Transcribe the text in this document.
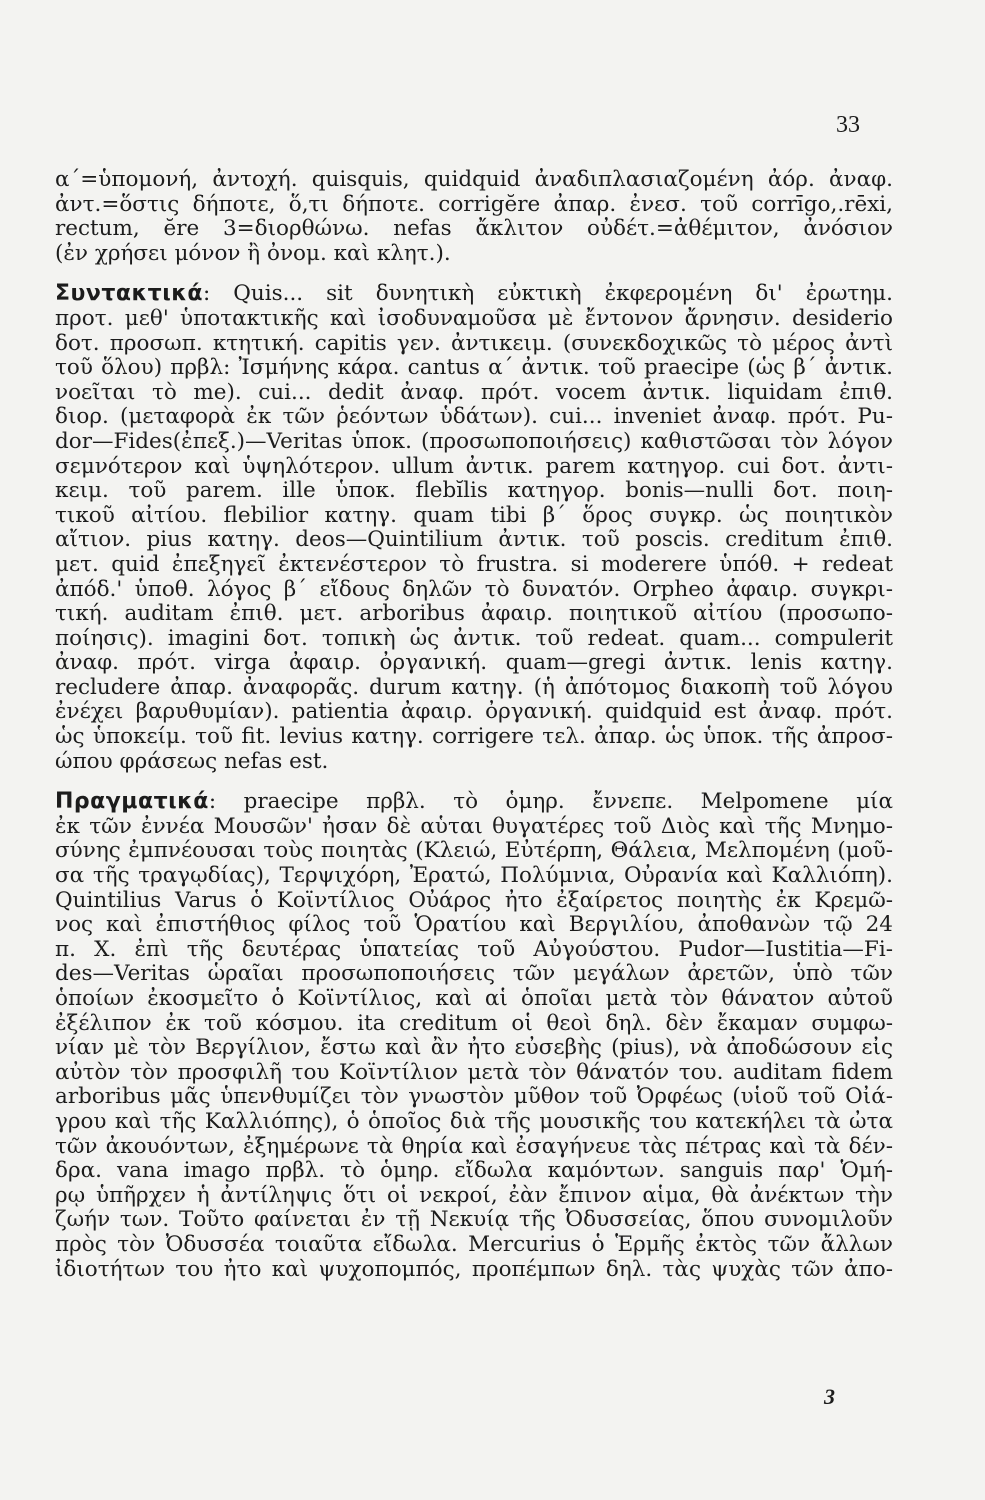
33
α΄=ὑπομονή, ἀντοχή. quisquis, quidquid ἀναδιπλασιαζομένη ἀόρ. ἀναφ.
ἀντ.=ὅστις δήποτε, ὅ,τι δήποτε. corrigĕre ἀπαρ. ἐνεσ. τοῦ corrīgo,.rēxi,
rectum, ĕre 3=διορθώνω. nefas ἄκλιτον οὐδέτ.=ἀθέμιτον, ἀνόσιον
(ἐν χρήσει μόνον ἢ ὀνομ. καὶ κλητ.).
Συντακτικά: Quis... sit δυνητικὴ εὐκτικὴ ἐκφερομένη δι' ἐρωτημ.
προτ. μεθ' ὑποτακτικῆς καὶ ἰσοδυναμοῦσα μὲ ἔντονον ἄρνησιν. desiderio
δοτ. προσωπ. κτητική. capitis γεν. ἀντικειμ. (συνεκδοχικῶς τὸ μέρος ἀντὶ
τοῦ ὅλου) πρβλ: Ἰσμήνης κάρα. cantus α΄ ἀντικ. τοῦ praecipe (ὡς β΄ ἀντικ.
νοεῖται τὸ me). cui... dedit ἀναφ. πρότ. vocem ἀντικ. liquidam ἐπιθ.
διορ. (μεταφορὰ ἐκ τῶν ῥεόντων ὑδάτων). cui... inveniet ἀναφ. πρότ. Pu-
dor—Fides(ἐπεξ.)—Veritas ὑποκ. (προσωποποιήσεις) καθιστῶσαι τὸν λόγον
σεμνότερον καὶ ὑψηλότερον. ullum ἀντικ. parem κατηγορ. cui δοτ. ἀντι-
κειμ. τοῦ parem. ille ὑποκ. flebĭlis κατηγορ. bonis—nulli δοτ. ποιη-
τικοῦ αἰτίου. flebilior κατηγ. quam tibi β΄ ὅρος συγκρ. ὡς ποιητικὸν
αἴτιον. pius κατηγ. deos—Quintilium ἀντικ. τοῦ poscis. creditum ἐπιθ.
μετ. quid ἐπεξηγεῖ ἐκτενέστερον τὸ frustra. si moderere ὑπόθ. + redeat
ἀπόδ.' ὑποθ. λόγος β΄ εἴδους δηλῶν τὸ δυνατόν. Orpheo ἀφαιρ. συγκρι-
τική. auditam ἐπιθ. μετ. arboribus ἀφαιρ. ποιητικοῦ αἰτίου (προσωπο-
ποίησις). imagini δοτ. τοπικὴ ὡς ἀντικ. τοῦ redeat. quam... compulerit
ἀναφ. πρότ. virga ἀφαιρ. ὀργανική. quam—gregi ἀντικ. lenis κατηγ.
recludere ἀπαρ. ἀναφορᾶς. durum κατηγ. (ἡ ἀπότομος διακοπὴ τοῦ λόγου
ἐνέχει βαρυθυμίαν). patientia ἀφαιρ. ὀργανική. quidquid est ἀναφ. πρότ.
ὡς ὑποκείμ. τοῦ fit. levius κατηγ. corrigere τελ. ἀπαρ. ὡς ὑποκ. τῆς ἀπροσ-
ώπου φράσεως nefas est.
Πραγματικά: praecipe πρβλ. τὸ ὁμηρ. ἔννεπε. Melpomene μία
ἐκ τῶν ἐννέα Μουσῶν' ἦσαν δὲ αὗται θυγατέρες τοῦ Διὸς καὶ τῆς Μνημο-
σύνης ἐμπνέουσαι τοὺς ποιητὰς (Κλειώ, Εὐτέρπη, Θάλεια, Μελπομένη (μοῦ-
σα τῆς τραγῳδίας), Τερψιχόρη, Ἐρατώ, Πολύμνια, Οὐρανία καὶ Καλλιόπη).
Quintilius Varus ὁ Κοϊντίλιος Οὐάρος ἦτο ἐξαίρετος ποιητὴς ἐκ Κρεμῶ-
νος καὶ ἐπιστήθιος φίλος τοῦ Ὁρατίου καὶ Βεργιλίου, ἀποθανὼν τῷ 24
π. Χ. ἐπὶ τῆς δευτέρας ὑπατείας τοῦ Αὐγούστου. Pudor—Iustitia—Fi-
des—Veritas ὡραῖαι προσωποποιήσεις τῶν μεγάλων ἀρετῶν, ὑπὸ τῶν
ὁποίων ἐκοσμεῖτο ὁ Κοϊντίλιος, καὶ αἱ ὁποῖαι μετὰ τὸν θάνατον αὐτοῦ
ἐξέλιπον ἐκ τοῦ κόσμου. ita creditum οἱ θεοὶ δηλ. δὲν ἔκαμαν συμφω-
νίαν μὲ τὸν Βεργίλιον, ἔστω καὶ ἂν ἦτο εὐσεβὴς (pius), νὰ ἀποδώσουν εἰς
αὐτὸν τὸν προσφιλῆ του Κοϊντίλιον μετὰ τὸν θάνατόν του. auditam fidem
arboribus μᾶς ὑπενθυμίζει τὸν γνωστὸν μῦθον τοῦ Ὀρφέως (υἱοῦ τοῦ Οἰά-
γρου καὶ τῆς Καλλιόπης), ὁ ὁποῖος διὰ τῆς μουσικῆς του κατεκήλει τὰ ὦτα
τῶν ἀκουόντων, ἐξημέρωνε τὰ θηρία καὶ ἐσαγήνευε τὰς πέτρας καὶ τὰ δέν-
δρα. vana imago πρβλ. τὸ ὁμηρ. εἴδωλα καμόντων. sanguis παρ' Ὁμή-
ρῳ ὑπῆρχεν ἡ ἀντίληψις ὅτι οἱ νεκροί, ἐὰν ἔπινον αἷμα, θὰ ἀνέκτων τὴν
ζωήν των. Τοῦτο φαίνεται ἐν τῇ Νεκυίᾳ τῆς Ὀδυσσείας, ὅπου συνομιλοῦν
πρὸς τὸν Ὀδυσσέα τοιαῦτα εἴδωλα. Mercurius ὁ Ἑρμῆς ἐκτὸς τῶν ἄλλων
ἰδιοτήτων του ἦτο καὶ ψυχοπομπός, προπέμπων δηλ. τὰς ψυχὰς τῶν ἀπο-
3
